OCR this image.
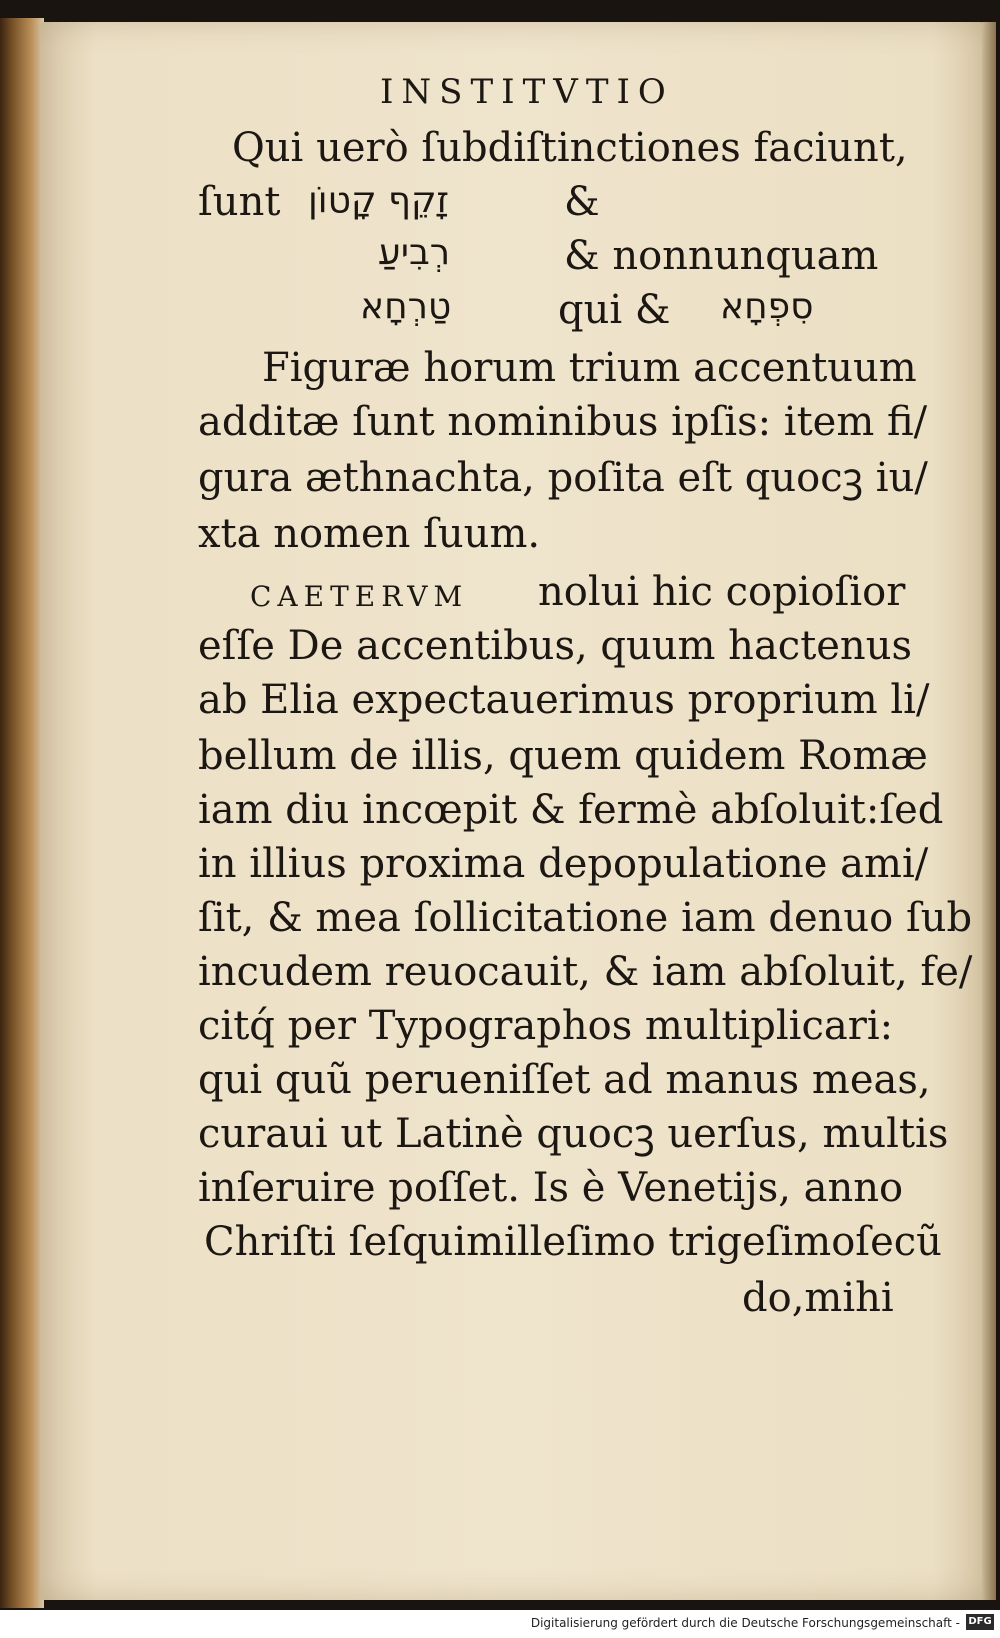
INSTITVTIO
Qui uerò ſubdiſtinctiones faciunt,
ſunt זָקֵף קָטוֹן	&
רְבִיעַ	& nonnunquam
טַרְחָא	qui & סִפְחָא
Figuræ horum trium accentuum
additæ ſunt nominibus ipſis: item fi/
gura æthnachta, poſita eſt quocꝫ iu/
xta nomen ſuum.
CAETERVM nolui hic copioſior
eſſe De accentibus, quum hactenus
ab Elia expectauerimus proprium li/
bellum de illis, quem quidem Romæ
iam diu incœpit & fermè abſoluit:ſed
in illius proxima depopulatione ami/
ſit, & mea ſollicitatione iam denuo ſub
incudem reuocauit, & iam abſoluit, fe/
citq́ per Typographos multiplicari:
qui quũ perueniſſet ad manus meas,
curaui ut Latinè quocꝫ uerſus, multis
inſeruire poſſet. Is è Venetijs, anno
Chriſti ſeſquimilleſimo trigeſimoſecũ
do,mihi
Digitalisierung gefördert durch die Deutsche Forschungsgemeinschaft - DFG
